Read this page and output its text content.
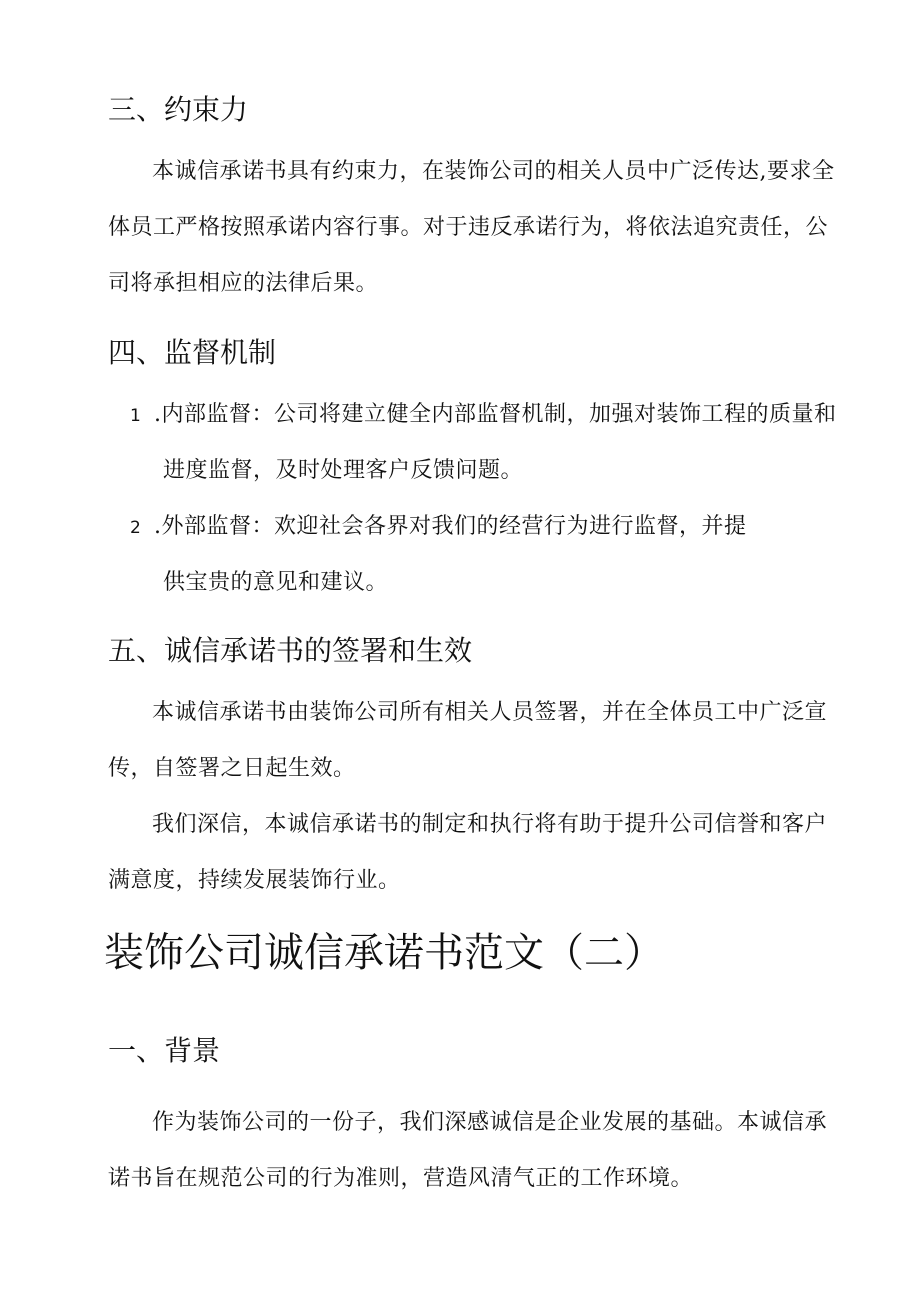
三、约束力
本诚信承诺书具有约束力，在装饰公司的相关人员中广泛传达,要求全
体员工严格按照承诺内容行事。对于违反承诺行为，将依法追究责任，公
司将承担相应的法律后果。
四、监督机制
1 .内部监督：公司将建立健全内部监督机制，加强对装饰工程的质量和
进度监督，及时处理客户反馈问题。
2 .外部监督：欢迎社会各界对我们的经营行为进行监督，并提
供宝贵的意见和建议。
五、诚信承诺书的签署和生效
本诚信承诺书由装饰公司所有相关人员签署，并在全体员工中广泛宣
传，自签署之日起生效。
我们深信，本诚信承诺书的制定和执行将有助于提升公司信誉和客户
满意度，持续发展装饰行业。
装饰公司诚信承诺书范文（二）
一、背景
作为装饰公司的一份子，我们深感诚信是企业发展的基础。本诚信承
诺书旨在规范公司的行为准则，营造风清气正的工作环境。
